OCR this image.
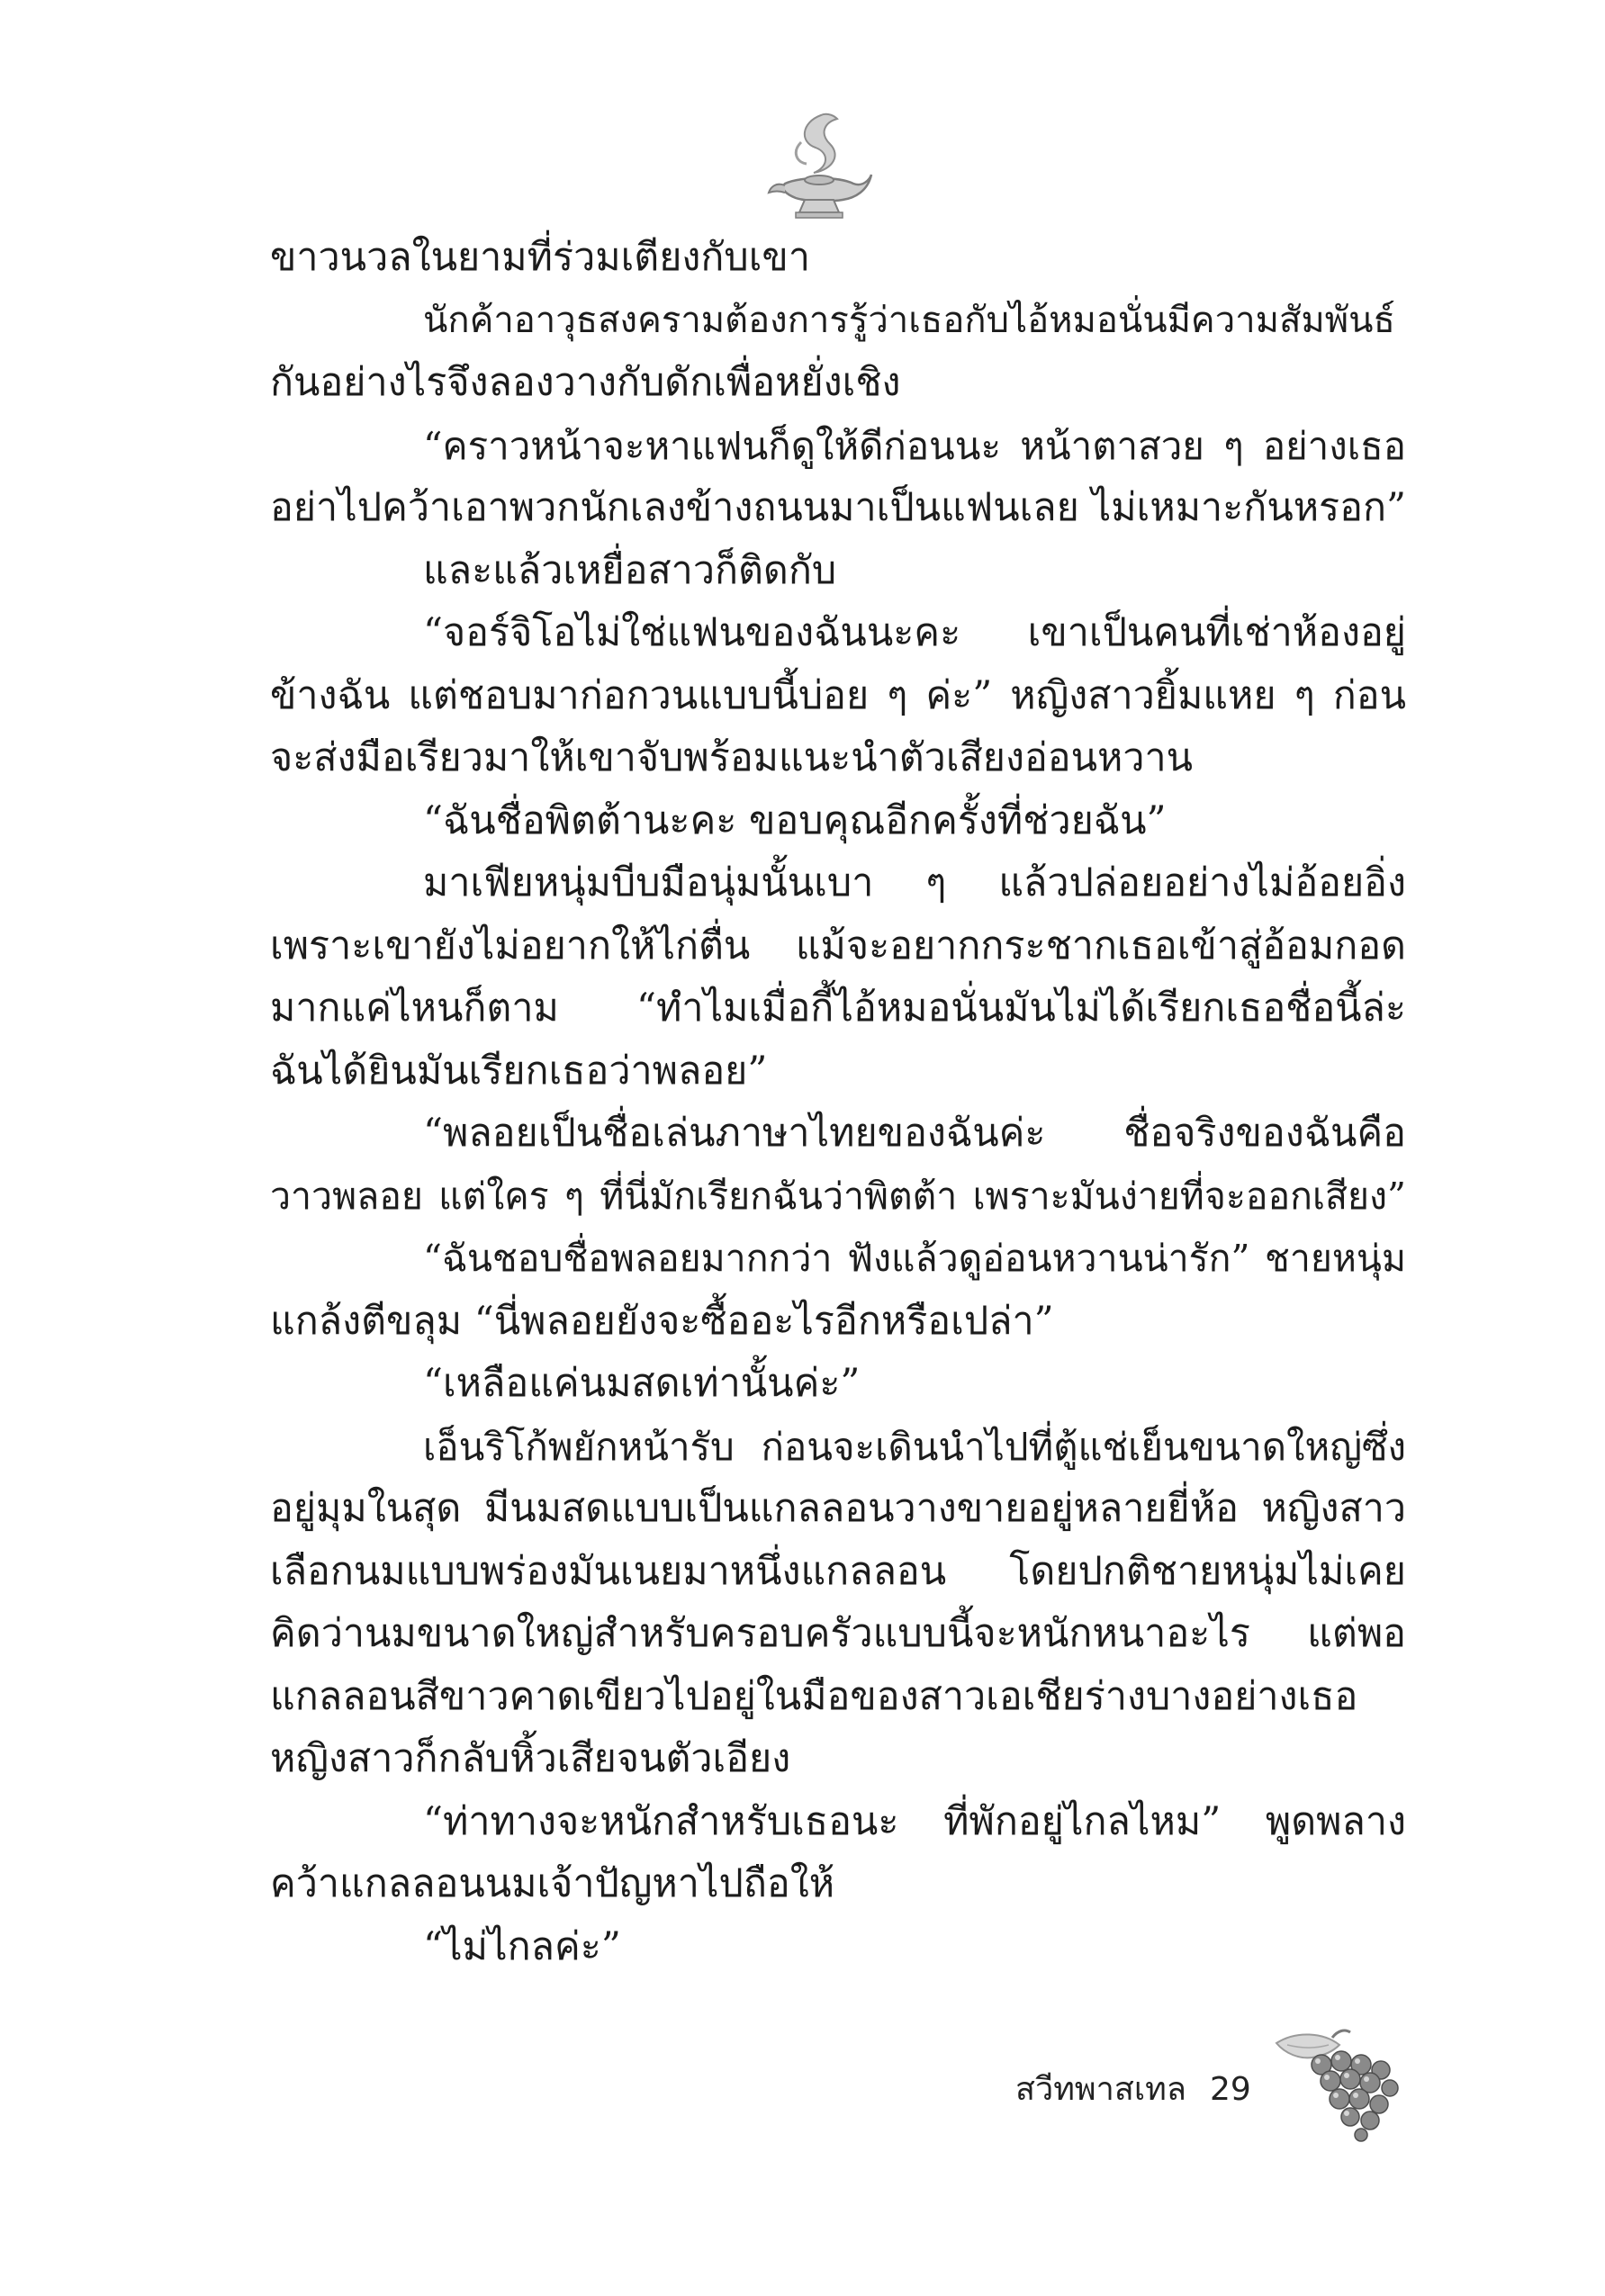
ขาวนวลในยามที่ร่วมเตียงกับเขา
นักค้าอาวุธสงครามต้องการรู้ว่าเธอกับไอ้หมอนั่นมีความสัมพันธ์
กันอย่างไรจึงลองวางกับดักเพื่อหยั่งเชิง
“คราวหน้าจะหาแฟนก็ดูให้ดีก่อนนะ หน้าตาสวย ๆ อย่างเธอ
อย่าไปคว้าเอาพวกนักเลงข้างถนนมาเป็นแฟนเลย ไม่เหมาะกันหรอก”
และแล้วเหยื่อสาวก็ติดกับ
“จอร์จิโอไม่ใช่แฟนของฉันนะคะ เขาเป็นคนที่เช่าห้องอยู่
ข้างฉัน แต่ชอบมาก่อกวนแบบนี้บ่อย ๆ ค่ะ” หญิงสาวยิ้มแหย ๆ ก่อน
จะส่งมือเรียวมาให้เขาจับพร้อมแนะนำตัวเสียงอ่อนหวาน
“ฉันชื่อพิตต้านะคะ ขอบคุณอีกครั้งที่ช่วยฉัน”
มาเฟียหนุ่มบีบมือนุ่มนั้นเบา ๆ แล้วปล่อยอย่างไม่อ้อยอิ่ง
เพราะเขายังไม่อยากให้ไก่ตื่น แม้จะอยากกระชากเธอเข้าสู่อ้อมกอด
มากแค่ไหนก็ตาม “ทำไมเมื่อกี้ไอ้หมอนั่นมันไม่ได้เรียกเธอชื่อนี้ล่ะ
ฉันได้ยินมันเรียกเธอว่าพลอย”
“พลอยเป็นชื่อเล่นภาษาไทยของฉันค่ะ ชื่อจริงของฉันคือ
วาวพลอย แต่ใคร ๆ ที่นี่มักเรียกฉันว่าพิตต้า เพราะมันง่ายที่จะออกเสียง”
“ฉันชอบชื่อพลอยมากกว่า ฟังแล้วดูอ่อนหวานน่ารัก” ชายหนุ่ม
แกล้งตีขลุม “นี่พลอยยังจะซื้ออะไรอีกหรือเปล่า”
“เหลือแค่นมสดเท่านั้นค่ะ”
เอ็นริโก้พยักหน้ารับ ก่อนจะเดินนำไปที่ตู้แช่เย็นขนาดใหญ่ซึ่ง
อยู่มุมในสุด มีนมสดแบบเป็นแกลลอนวางขายอยู่หลายยี่ห้อ หญิงสาว
เลือกนมแบบพร่องมันเนยมาหนึ่งแกลลอน โดยปกติชายหนุ่มไม่เคย
คิดว่านมขนาดใหญ่สำหรับครอบครัวแบบนี้จะหนักหนาอะไร แต่พอ
แกลลอนสีขาวคาดเขียวไปอยู่ในมือของสาวเอเชียร่างบางอย่างเธอ
หญิงสาวก็กลับหิ้วเสียจนตัวเอียง
“ท่าทางจะหนักสำหรับเธอนะ ที่พักอยู่ไกลไหม” พูดพลาง
คว้าแกลลอนนมเจ้าปัญหาไปถือให้
“ไม่ไกลค่ะ”
สวีทพาสเทล 29
